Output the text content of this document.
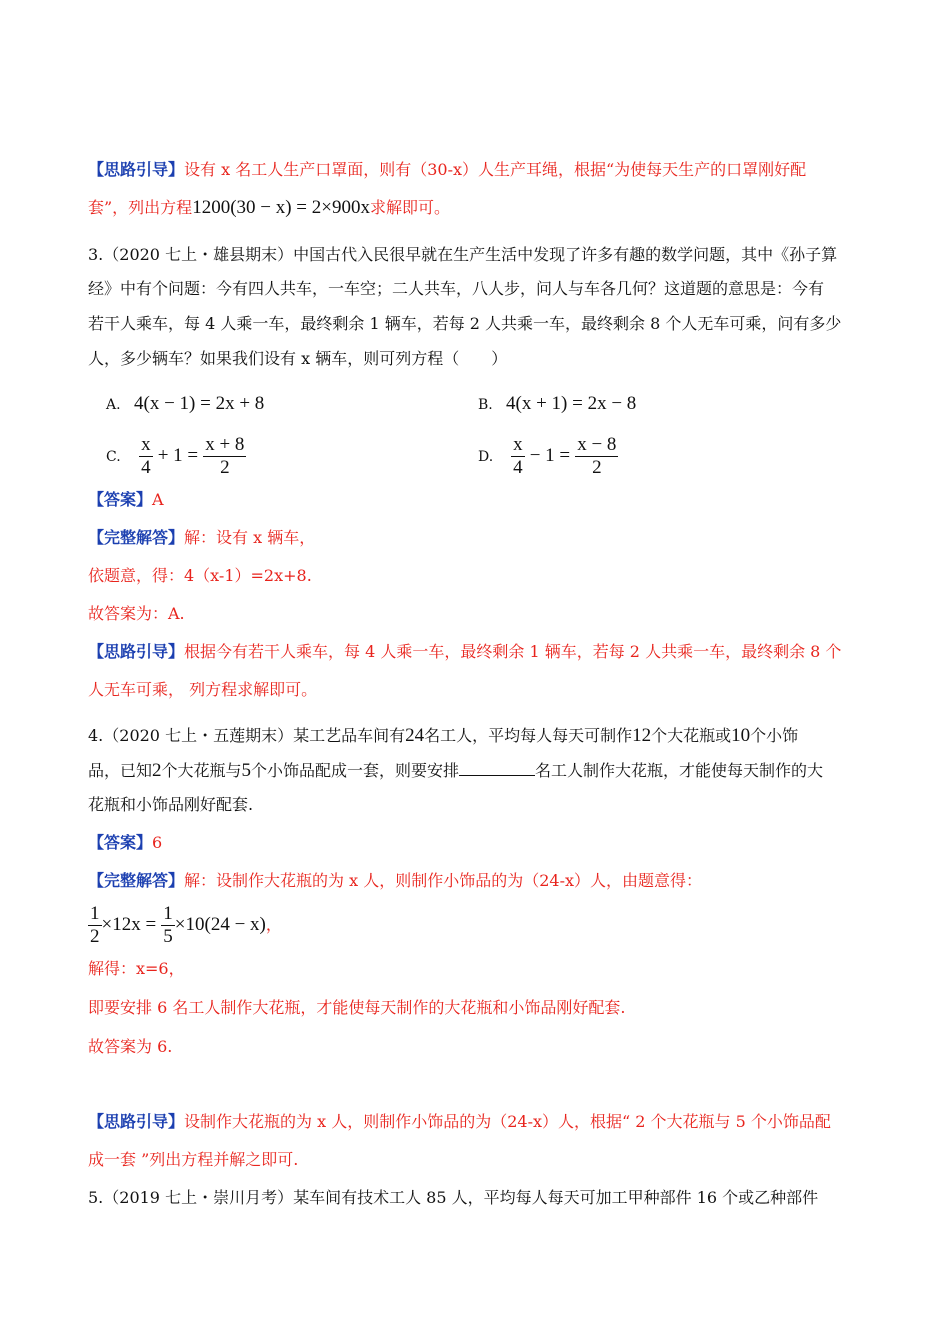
【思路引导】设有 x 名工人生产口罩面，则有（30-x）人生产耳绳，根据“为使每天生产的口罩刚好配
套”，列出方程1200(30 − x) = 2×900x求解即可。
3.（2020 七上・雄县期末）中国古代入民很早就在生产生活中发现了许多有趣的数学问题，其中《孙子算
经》中有个问题：今有四人共车，一车空；二人共车，八人步，问人与车各几何？这道题的意思是：今有
若干人乘车，每 4 人乘一车，最终剩余 1 辆车，若每 2 人共乘一车，最终剩余 8 个人无车可乘，问有多少
人，多少辆车？如果我们设有 x 辆车，则可列方程（　　）
A. 4(x − 1) = 2x + 8	B. 4(x + 1) = 2x − 8
C. $\frac{x}{4} + 1 = \frac{x + 8}{2}$	D. $\frac{x}{4} - 1 = \frac{x - 8}{2}$
【答案】A
【完整解答】解：设有 x 辆车，
依题意，得：4（x-1）=2x+8.
故答案为：A.
【思路引导】根据今有若干人乘车，每 4 人乘一车，最终剩余 1 辆车，若每 2 人共乘一车，最终剩余 8 个
人无车可乘， 列方程求解即可。
4.（2020 七上・五莲期末）某工艺品车间有24名工人，平均每人每天可制作12个大花瓶或10个小饰
品，已知2个大花瓶与5个小饰品配成一套，则要安排	名工人制作大花瓶，才能使每天制作的大
花瓶和小饰品刚好配套.
【答案】6
【完整解答】解：设制作大花瓶的为 x 人，则制作小饰品的为（24-x）人，由题意得：
$\frac{1}{2} \times 12x = \frac{1}{5} \times 10(24 - x)$，
解得：x=6，
即要安排 6 名工人制作大花瓶，才能使每天制作的大花瓶和小饰品刚好配套.
故答案为 6.
【思路引导】设制作大花瓶的为 x 人，则制作小饰品的为（24-x）人，根据“ 2 个大花瓶与 5 个小饰品配
成一套 ”列出方程并解之即可.
5.（2019 七上・崇川月考）某车间有技术工人 85 人，平均每人每天可加工甲种部件 16 个或乙种部件
